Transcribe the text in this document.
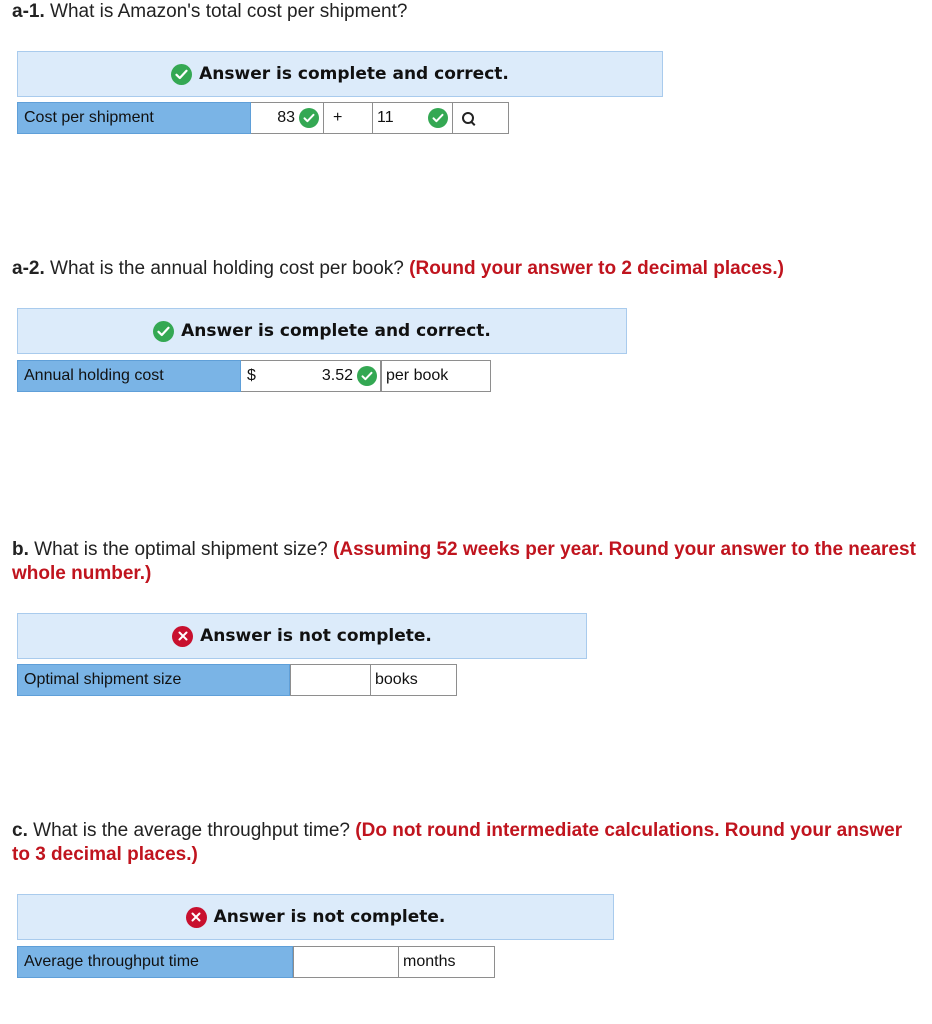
a-1. What is Amazon's total cost per shipment?

Answer is complete and correct.
Cost per shipment	83	+ 11

a-2. What is the annual holding cost per book? (Round your answer to 2 decimal places.)

Answer is complete and correct.
Annual holding cost	$	3.52 per book

b. What is the optimal shipment size? (Assuming 52 weeks per year. Round your answer to the nearest whole number.)

Answer is not complete.
Optimal shipment size	books

c. What is the average throughput time? (Do not round intermediate calculations. Round your answer to 3 decimal places.)

Answer is not complete.
Average throughput time	months
